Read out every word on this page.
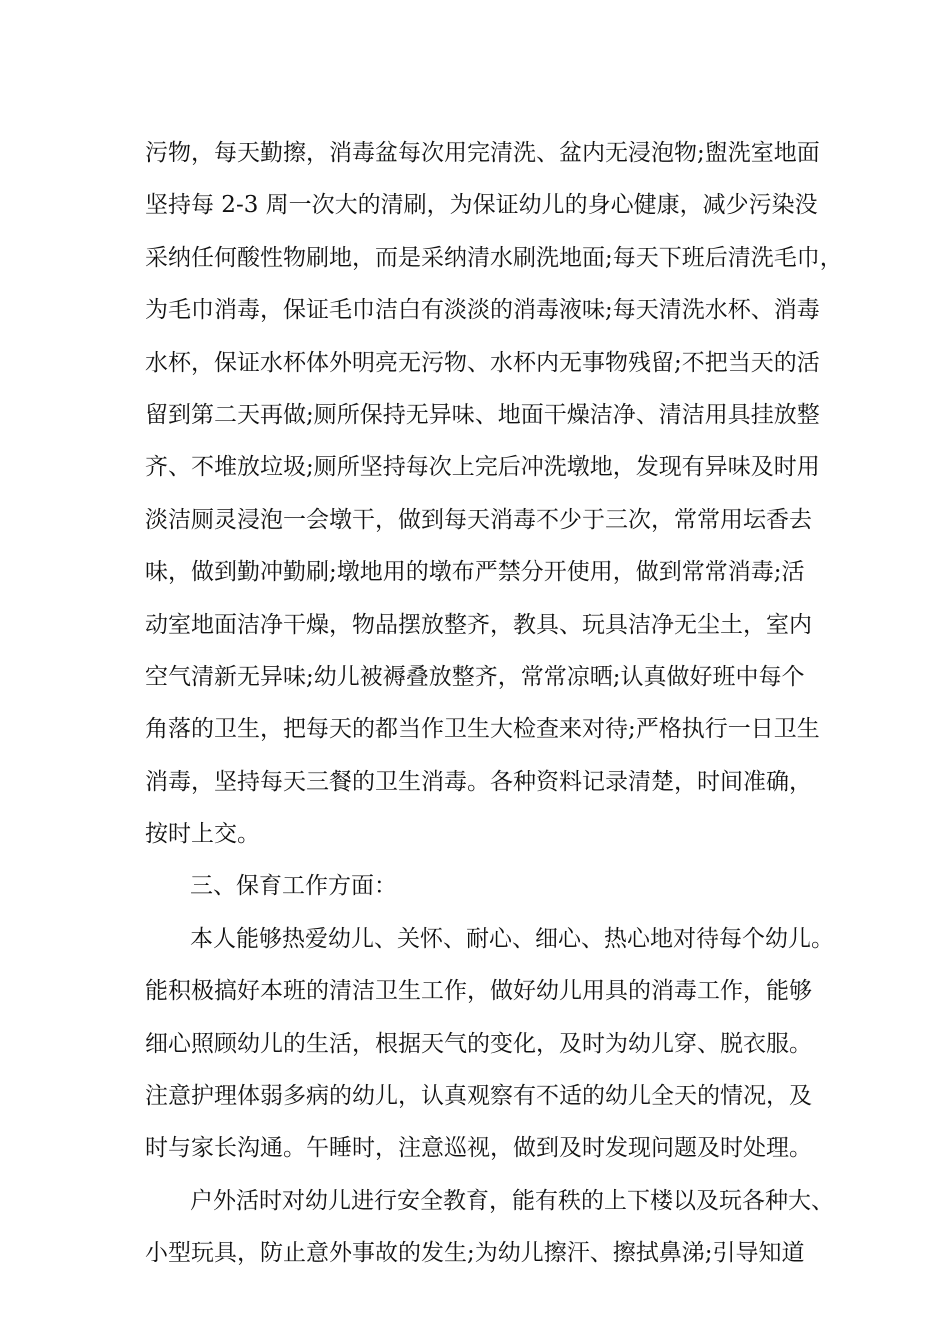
污物，每天勤擦，消毒盆每次用完清洗、盆内无浸泡物;盥洗室地面
坚持每 2-3 周一次大的清刷，为保证幼儿的身心健康，减少污染没
采纳任何酸性物刷地，而是采纳清水刷洗地面;每天下班后清洗毛巾，
为毛巾消毒，保证毛巾洁白有淡淡的消毒液味;每天清洗水杯、消毒
水杯，保证水杯体外明亮无污物、水杯内无事物残留;不把当天的活
留到第二天再做;厕所保持无异味、地面干燥洁净、清洁用具挂放整
齐、不堆放垃圾;厕所坚持每次上完后冲洗墩地，发现有异味及时用
淡洁厕灵浸泡一会墩干，做到每天消毒不少于三次，常常用坛香去
味，做到勤冲勤刷;墩地用的墩布严禁分开使用，做到常常消毒;活
动室地面洁净干燥，物品摆放整齐，教具、玩具洁净无尘土，室内
空气清新无异味;幼儿被褥叠放整齐，常常凉晒;认真做好班中每个
角落的卫生，把每天的都当作卫生大检查来对待;严格执行一日卫生
消毒，坚持每天三餐的卫生消毒。各种资料记录清楚，时间准确，
按时上交。
三、保育工作方面：
本人能够热爱幼儿、关怀、耐心、细心、热心地对待每个幼儿。
能积极搞好本班的清洁卫生工作，做好幼儿用具的消毒工作，能够
细心照顾幼儿的生活，根据天气的变化，及时为幼儿穿、脱衣服。
注意护理体弱多病的幼儿，认真观察有不适的幼儿全天的情况，及
时与家长沟通。午睡时，注意巡视，做到及时发现问题及时处理。
户外活时对幼儿进行安全教育，能有秩的上下楼以及玩各种大、
小型玩具，防止意外事故的发生;为幼儿擦汗、擦拭鼻涕;引导知道
